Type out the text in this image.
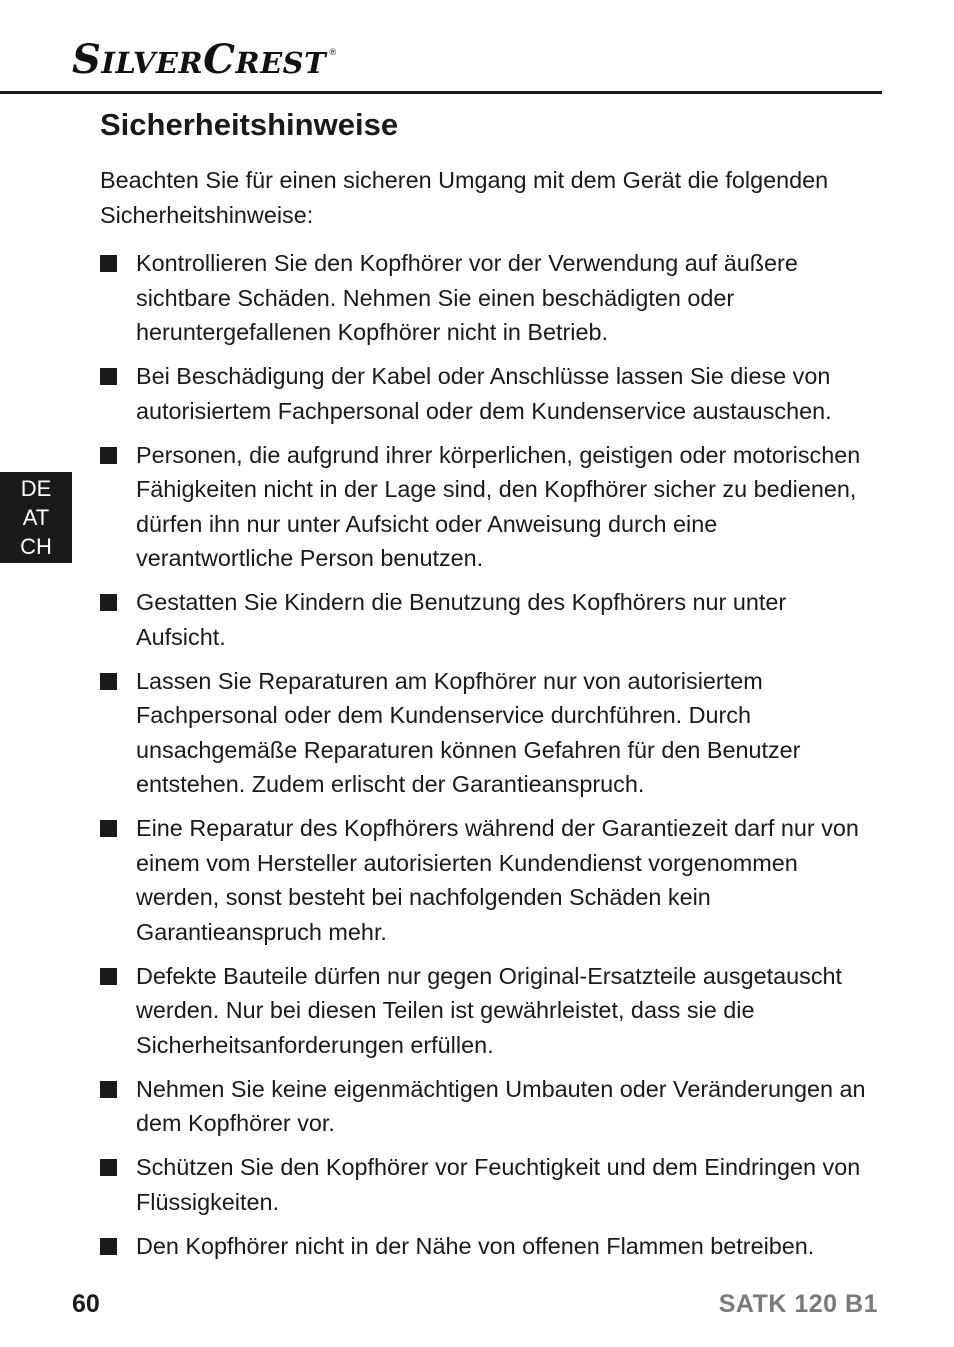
S ILVER C REST ®
Sicherheitshinweise

Beachten Sie für einen sicheren Umgang mit dem Gerät die folgenden Sicherheitshinweise:

Kontrollieren Sie den Kopfhörer vor der Verwendung auf äußere sichtbare Schäden. Nehmen Sie einen beschädigten oder heruntergefallenen Kopfhörer nicht in Betrieb.
Bei Beschädigung der Kabel oder Anschlüsse lassen Sie diese von autorisiertem Fachpersonal oder dem Kundenservice austauschen.
Personen, die aufgrund ihrer körperlichen, geistigen oder motorischen Fähigkeiten nicht in der Lage sind, den Kopfhörer sicher zu bedienen, dürfen ihn nur unter Aufsicht oder Anweisung durch eine verantwortliche Person benutzen.
Gestatten Sie Kindern die Benutzung des Kopfhörers nur unter Aufsicht.
Lassen Sie Reparaturen am Kopfhörer nur von autorisiertem Fachpersonal oder dem Kundenservice durchführen. Durch unsachgemäße Reparaturen können Gefahren für den Benutzer entstehen. Zudem erlischt der Garantieanspruch.
Eine Reparatur des Kopfhörers während der Garantiezeit darf nur von einem vom Hersteller autorisierten Kundendienst vorgenommen werden, sonst besteht bei nachfolgenden Schäden kein Garantieanspruch mehr.
Defekte Bauteile dürfen nur gegen Original-Ersatzteile ausgetauscht werden. Nur bei diesen Teilen ist gewährleistet, dass sie die Sicherheitsanforderungen erfüllen.
Nehmen Sie keine eigenmächtigen Umbauten oder Veränderungen an dem Kopfhörer vor.
Schützen Sie den Kopfhörer vor Feuchtigkeit und dem Eindringen von Flüssigkeiten.
Den Kopfhörer nicht in der Nähe von offenen Flammen betreiben.
DE
AT
CH
60	SATK 120 B1
